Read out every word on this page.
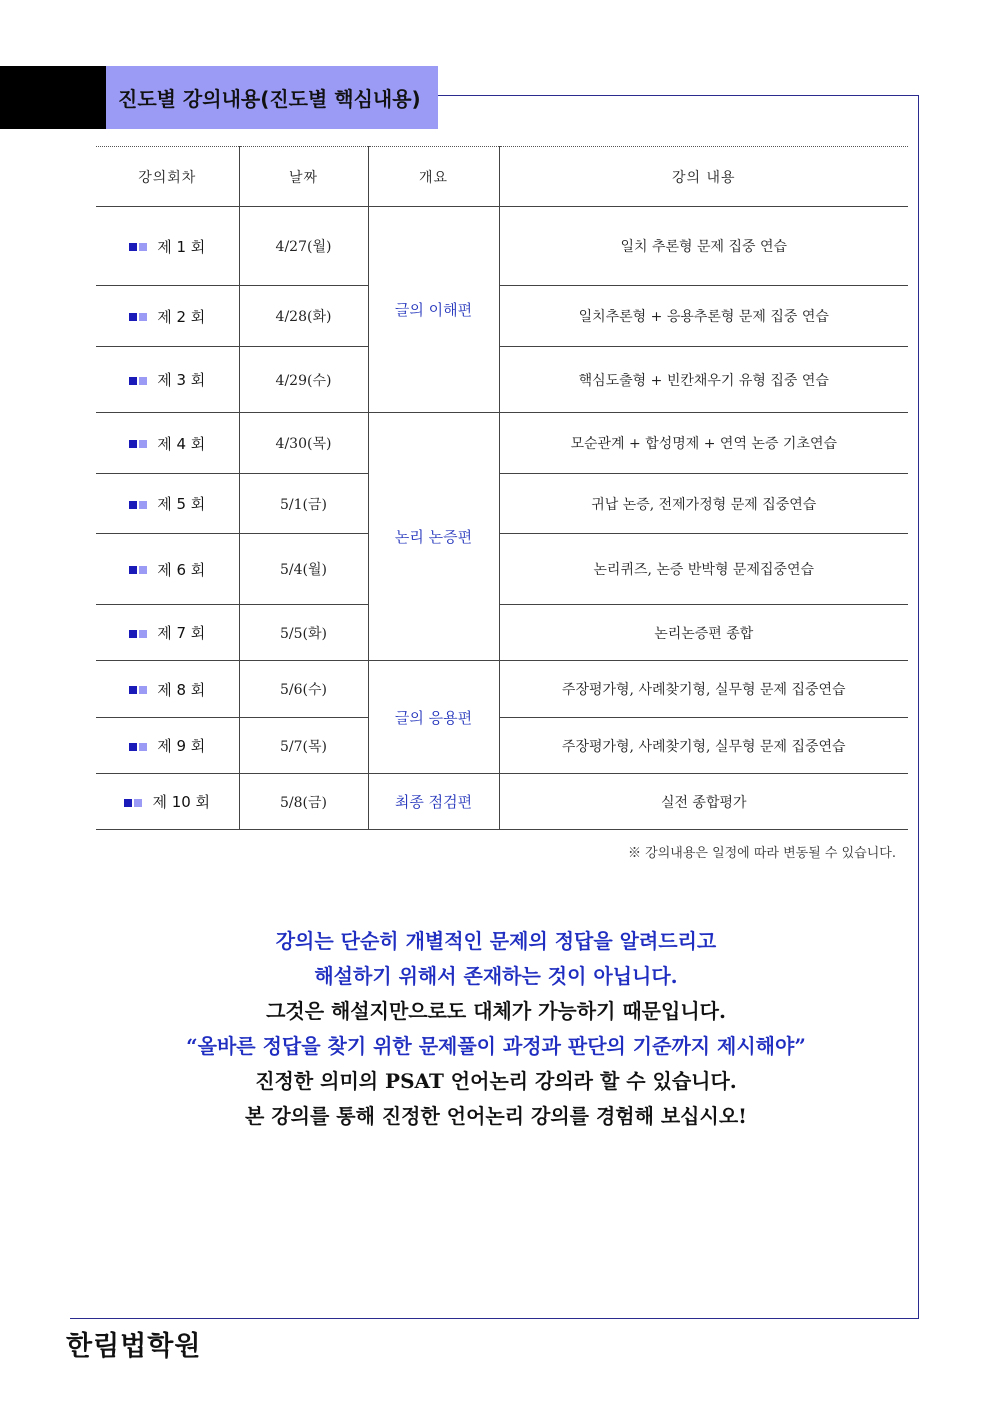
진도별 강의내용(진도별 핵심내용)
강의회차	날짜	개요	강의 내용
제 1 회	4/27(월)	글의 이해편	일치 추론형 문제 집중 연습
제 2 회	4/28(화)		일치추론형 + 응용추론형 문제 집중 연습
제 3 회	4/29(수)		핵심도출형 + 빈칸채우기 유형 집중 연습
제 4 회	4/30(목)	논리 논증편	모순관계 + 합성명제 + 연역 논증 기초연습
제 5 회	5/1(금)		귀납 논증, 전제가정형 문제 집중연습
제 6 회	5/4(월)		논리퀴즈, 논증 반박형 문제집중연습
제 7 회	5/5(화)		논리논증편 종합
제 8 회	5/6(수)	글의 응용편	주장평가형, 사례찾기형, 실무형 문제 집중연습
제 9 회	5/7(목)		주장평가형, 사례찾기형, 실무형 문제 집중연습
제 10 회	5/8(금)	최종 점검편	실전 종합평가
※ 강의내용은 일정에 따라 변동될 수 있습니다.

강의는 단순히 개별적인 문제의 정답을 알려드리고

해설하기 위해서 존재하는 것이 아닙니다.

그것은 해설지만으로도 대체가 가능하기 때문입니다.

“올바른 정답을 찾기 위한 문제풀이 과정과 판단의 기준까지 제시해야”

진정한 의미의 PSAT 언어논리 강의라 할 수 있습니다.

본 강의를 통해 진정한 언어논리 강의를 경험해 보십시오!

한림법학원
